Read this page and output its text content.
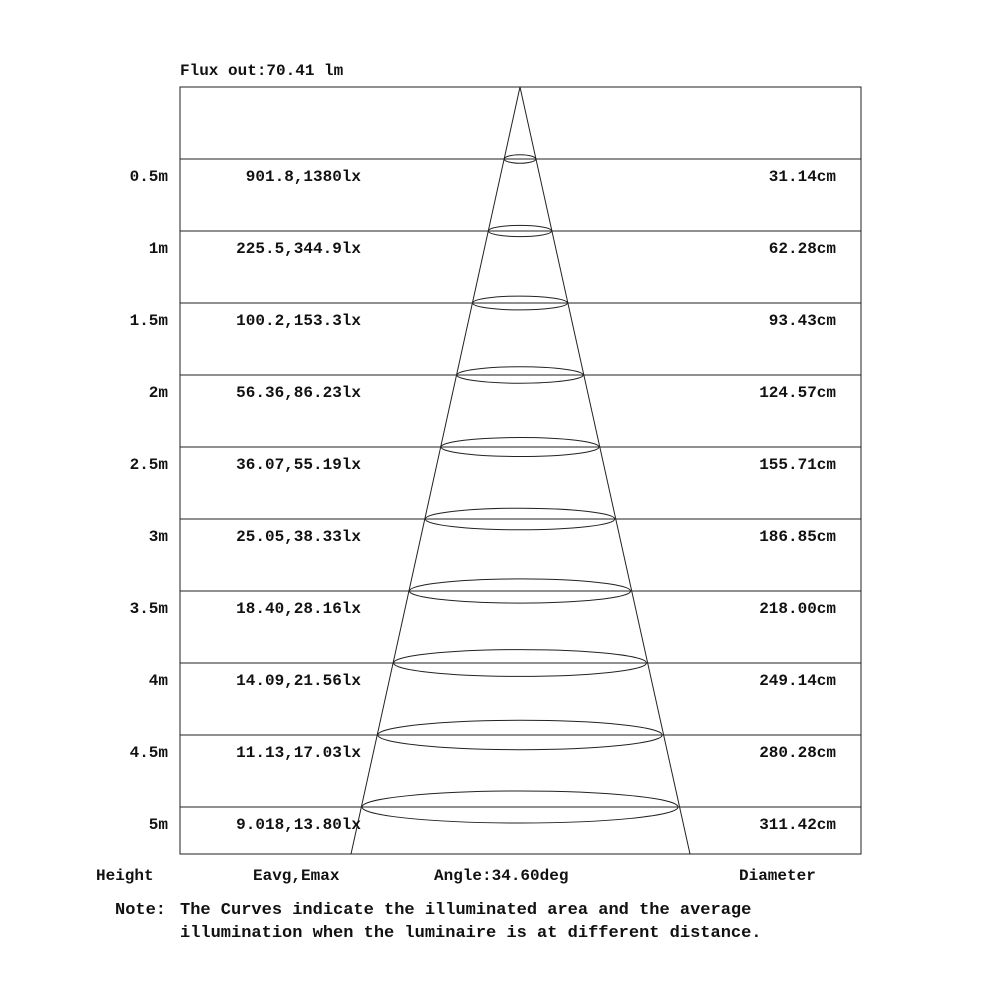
Flux out:70.41 lm
0.5m	901.8,1380lx	31.14cm
1m	225.5,344.9lx	62.28cm
1.5m	100.2,153.3lx	93.43cm
2m	56.36,86.23lx	124.57cm
2.5m	36.07,55.19lx	155.71cm
3m	25.05,38.33lx	186.85cm
3.5m	18.40,28.16lx	218.00cm
4m	14.09,21.56lx	249.14cm
4.5m	11.13,17.03lx	280.28cm
5m	9.018,13.80lx	311.42cm
Height	Eavg,Emax	Angle:34.60deg	Diameter
Note: The Curves indicate the illuminated area and the average
illumination when the luminaire is at different distance.
